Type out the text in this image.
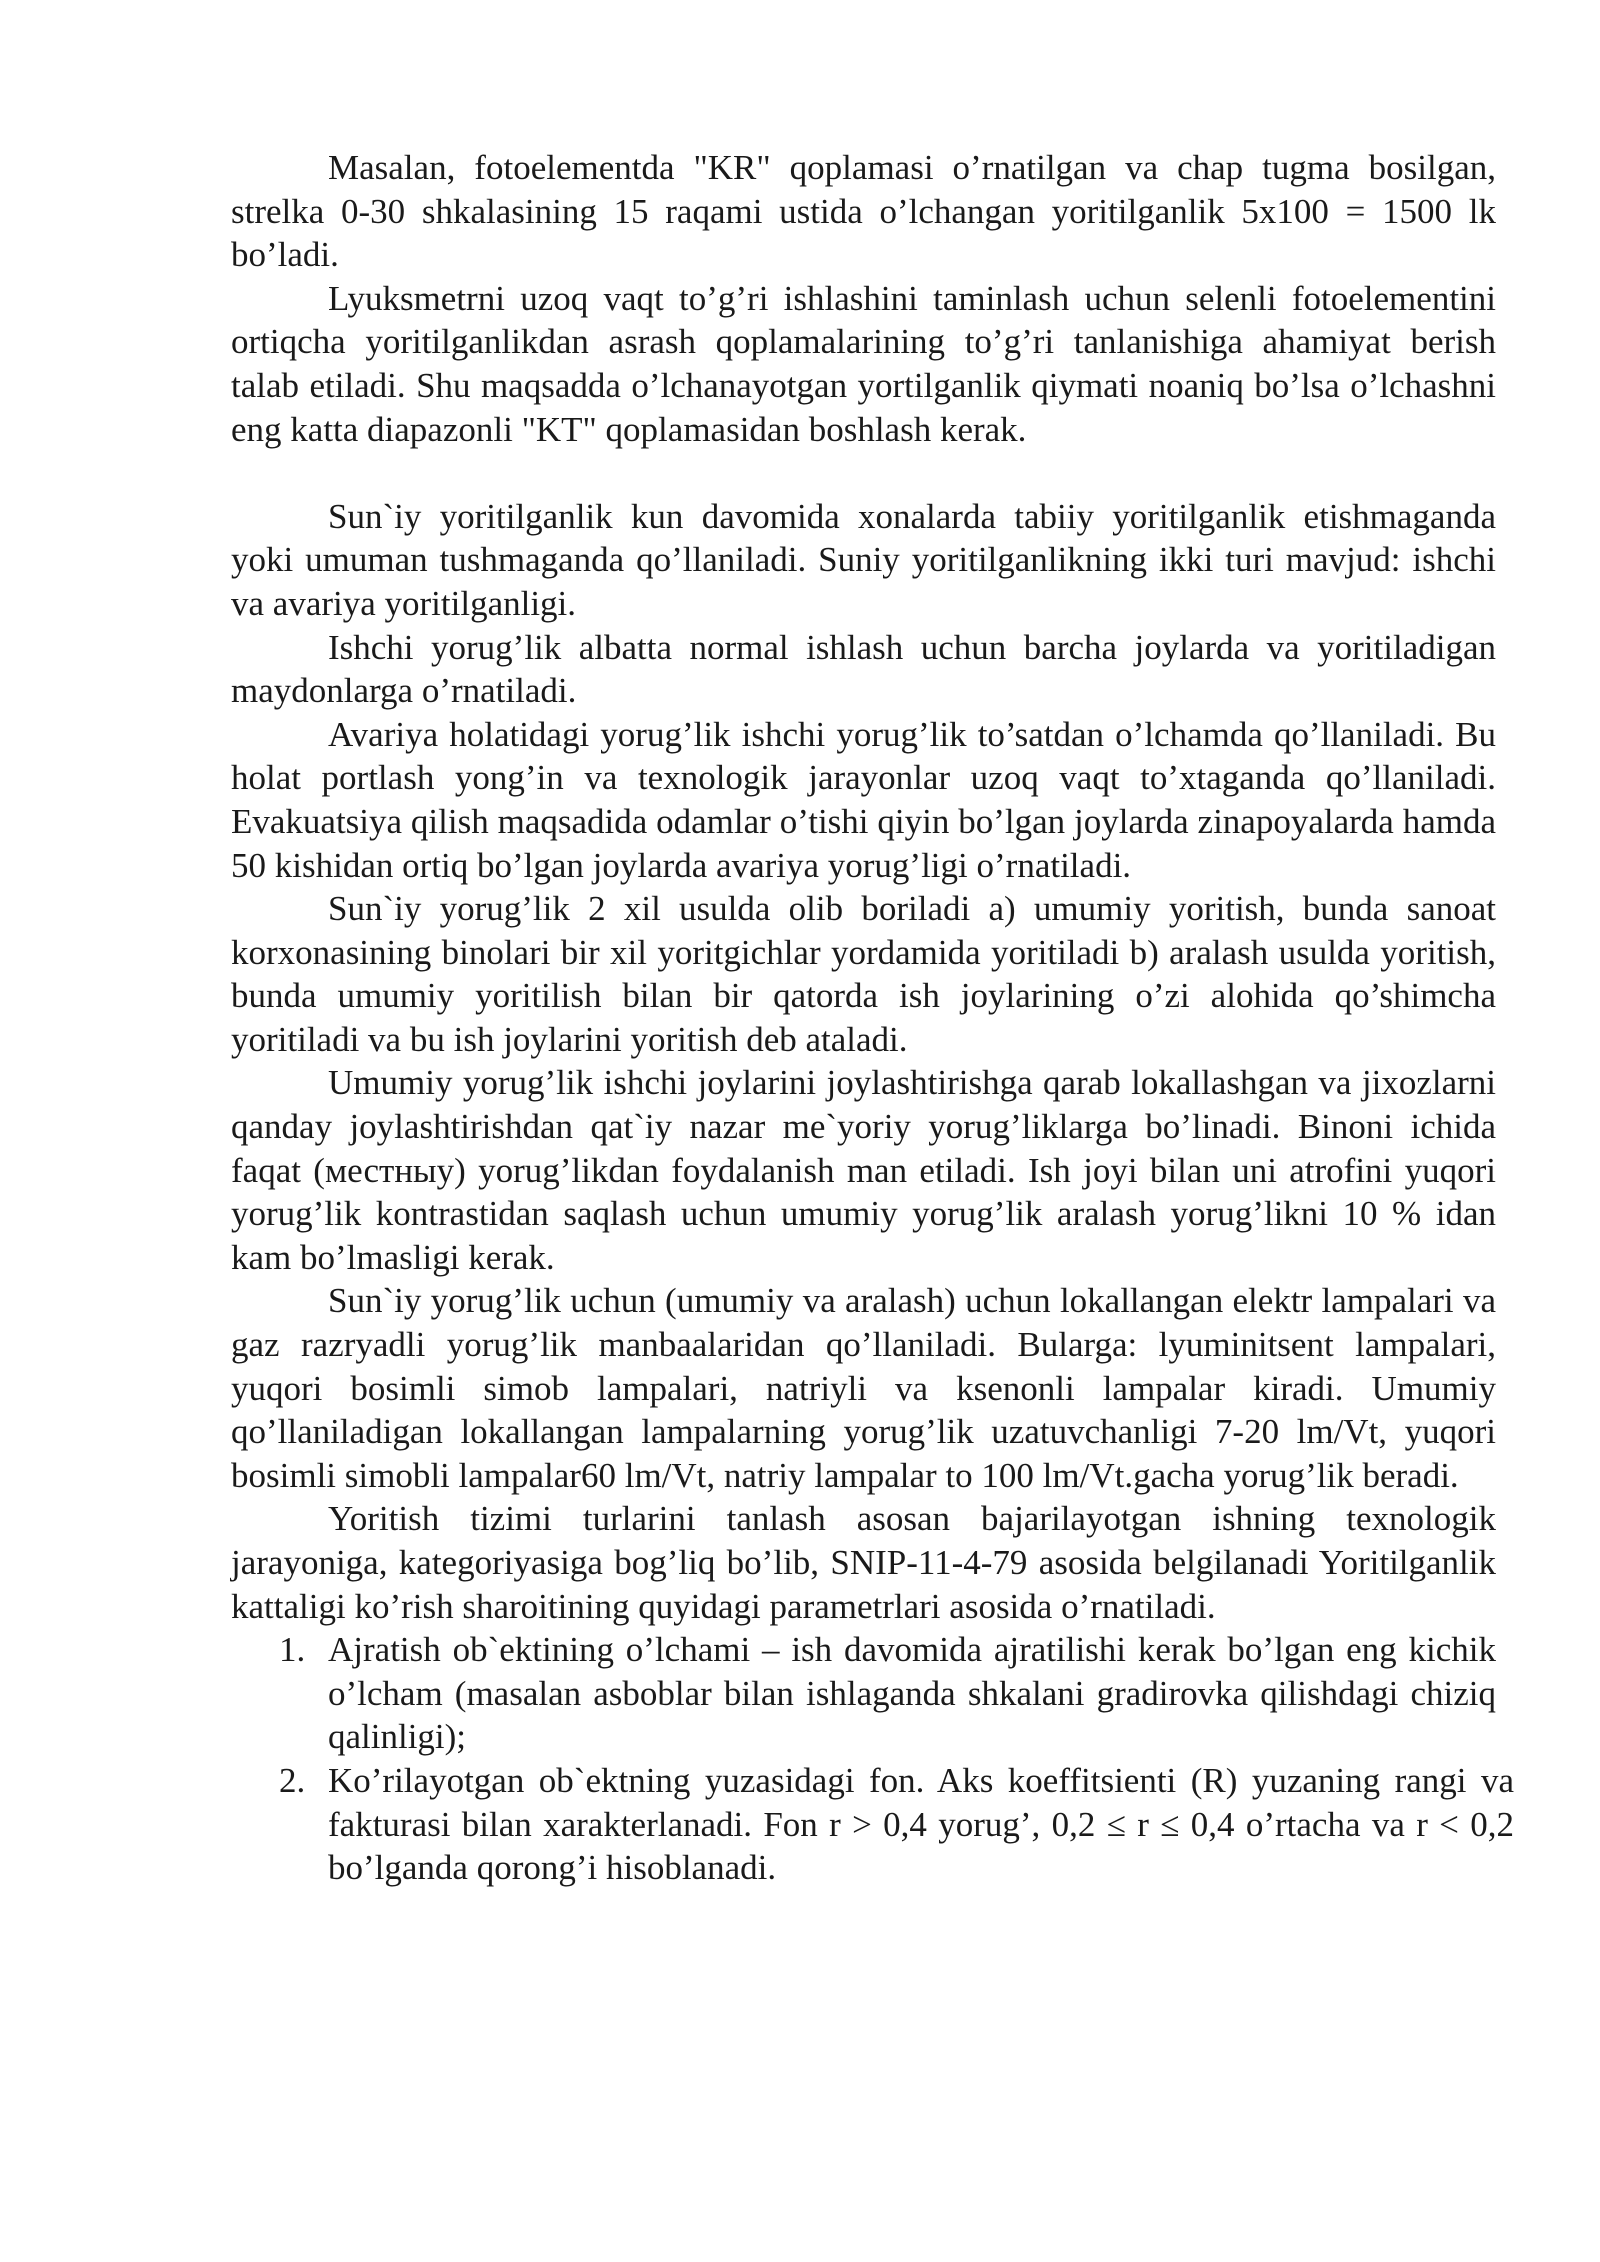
Masalan, fotoelementda "KR" qoplamasi o’rnatilgan va chap tugma bosilgan, strelka 0-30 shkalasining 15 raqami ustida o’lchangan yoritilganlik 5x100 = 1500 lk bo’ladi.

Lyuksmetrni uzoq vaqt to’g’ri ishlashini taminlash uchun selenli fotoelementini ortiqcha yoritilganlikdan asrash qoplamalarining to’g’ri tanlanishiga ahamiyat berish talab etiladi. Shu maqsadda o’lchanayotgan yortilganlik qiymati noaniq bo’lsa o’lchashni eng katta diapazonli "KT" qoplamasidan boshlash kerak.

Sun`iy yoritilganlik kun davomida xonalarda tabiiy yoritilganlik etishmaganda yoki umuman tushmaganda qo’llaniladi. Suniy yoritilganlikning ikki turi mavjud: ishchi va avariya yoritilganligi.

Ishchi yorug’lik albatta normal ishlash uchun barcha joylarda va yoritiladigan maydonlarga o’rnatiladi.

Avariya holatidagi yorug’lik ishchi yorug’lik to’satdan o’lchamda qo’llaniladi. Bu holat portlash yong’in va texnologik jarayonlar uzoq vaqt to’xtaganda qo’llaniladi. Evakuatsiya qilish maqsadida odamlar o’tishi qiyin bo’lgan joylarda zinapoyalarda hamda 50 kishidan ortiq bo’lgan joylarda avariya yorug’ligi o’rnatiladi.

Sun`iy yorug’lik 2 xil usulda olib boriladi a) umumiy yoritish, bunda sanoat korxonasining binolari bir xil yoritgichlar yordamida yoritiladi b) aralash usulda yoritish, bunda umumiy yoritilish bilan bir qatorda ish joylarining o’zi alohida qo’shimcha yoritiladi va bu ish joylarini yoritish deb ataladi.

Umumiy yorug’lik ishchi joylarini joylashtirishga qarab lokallashgan va jixozlarni qanday joylashtirishdan qat`iy nazar me`yoriy yorug’liklarga bo’linadi. Binoni ichida faqat (местныy) yorug’likdan foydalanish man etiladi. Ish joyi bilan uni atrofini yuqori yorug’lik kontrastidan saqlash uchun umumiy yorug’lik aralash yorug’likni 10 % idan kam bo’lmasligi kerak.

Sun`iy yorug’lik uchun (umumiy va aralash) uchun lokallangan elektr lampalari va gaz razryadli yorug’lik manbaalaridan qo’llaniladi. Bularga: lyuminitsent lampalari, yuqori bosimli simob lampalari, natriyli va ksenonli lampalar kiradi. Umumiy qo’llaniladigan lokallangan lampalarning yorug’lik uzatuvchanligi 7-20 lm/Vt, yuqori bosimli simobli lampalar60 lm/Vt, natriy lampalar to 100 lm/Vt.gacha yorug’lik beradi.

Yoritish tizimi turlarini tanlash asosan bajarilayotgan ishning texnologik jarayoniga, kategoriyasiga bog’liq bo’lib, SNIP-11-4-79 asosida belgilanadi Yoritilganlik kattaligi ko’rish sharoitining quyidagi parametrlari asosida o’rnatiladi.

1. Ajratish ob`ektining o’lchami – ish davomida ajratilishi kerak bo’lgan eng kichik o’lcham (masalan asboblar bilan ishlaganda shkalani gradirovka qilishdagi chiziq qalinligi);
2. Ko’rilayotgan ob`ektning yuzasidagi fon. Aks koeffitsienti (R) yuzaning rangi va fakturasi bilan xarakterlanadi. Fon r > 0,4 yorug’, 0,2 ≤ r ≤ 0,4 o’rtacha va r < 0,2 bo’lganda qorong’i hisoblanadi.
